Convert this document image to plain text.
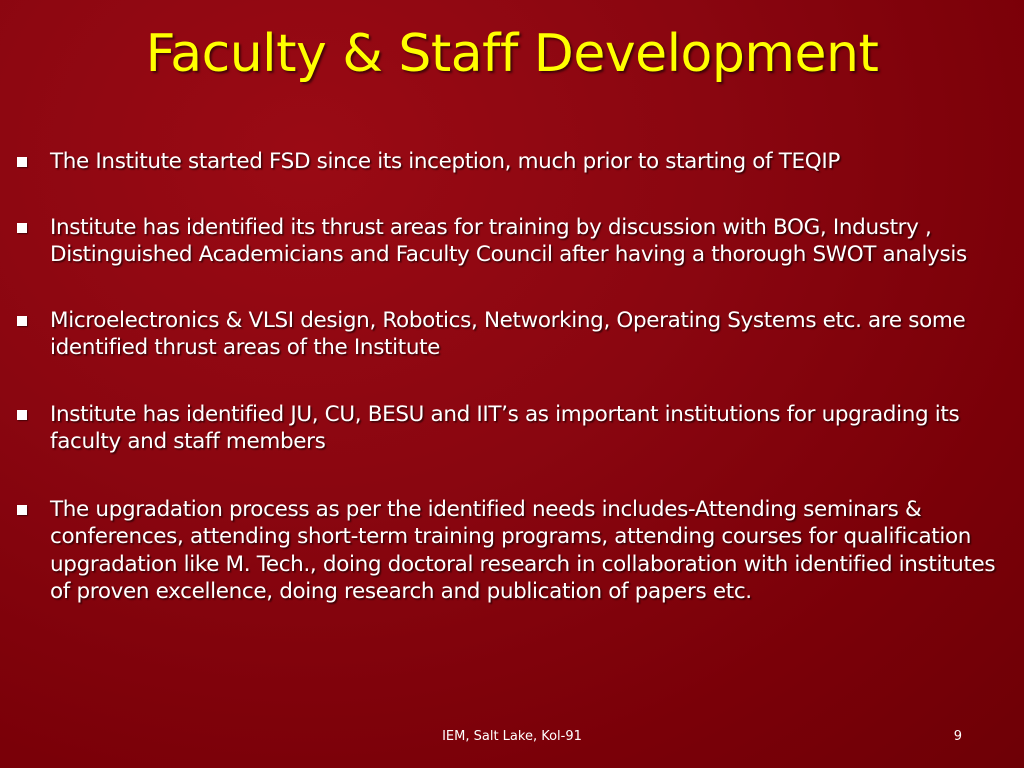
Faculty & Staff Development
The Institute started FSD since its inception, much prior to starting of TEQIP
Institute has identified its thrust areas for training by discussion with BOG, Industry , Distinguished Academicians and Faculty Council after having a thorough SWOT analysis
Microelectronics & VLSI design, Robotics, Networking, Operating Systems etc. are some identified thrust areas of the Institute
Institute has identified JU, CU, BESU and IIT’s as important institutions for upgrading its faculty and staff members
The upgradation process as per the identified needs includes-Attending seminars & conferences, attending short-term training programs, attending courses for qualification upgradation like M. Tech., doing doctoral research in collaboration with identified institutes of proven excellence, doing research and publication of papers etc.
IEM, Salt Lake, Kol-91	9
